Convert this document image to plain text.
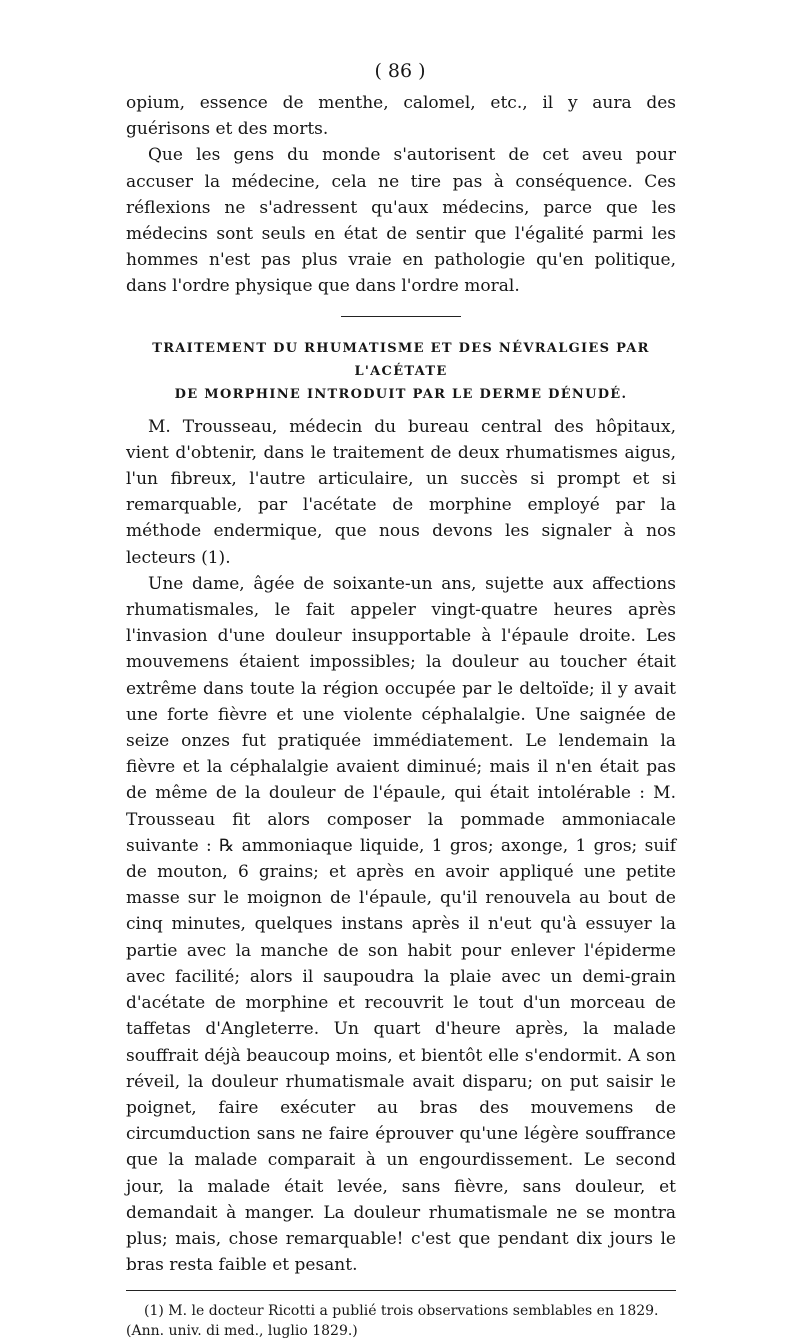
( 86 )

opium, essence de menthe, calomel, etc., il y aura des guérisons et des morts.

Que les gens du monde s'autorisent de cet aveu pour accuser la médecine, cela ne tire pas à conséquence. Ces réflexions ne s'adressent qu'aux médecins, parce que les médecins sont seuls en état de sentir que l'égalité parmi les hommes n'est pas plus vraie en pathologie qu'en politique, dans l'ordre physique que dans l'ordre moral.

TRAITEMENT DU RHUMATISME ET DES NÉVRALGIES PAR L'ACÉTATE
DE MORPHINE INTRODUIT PAR LE DERME DÉNUDÉ.

M. Trousseau, médecin du bureau central des hôpitaux, vient d'obtenir, dans le traitement de deux rhumatismes aigus, l'un fibreux, l'autre articulaire, un succès si prompt et si remarquable, par l'acétate de morphine employé par la méthode endermique, que nous devons les signaler à nos lecteurs (1).

Une dame, âgée de soixante-un ans, sujette aux affections rhumatismales, le fait appeler vingt-quatre heures après l'invasion d'une douleur insupportable à l'épaule droite. Les mouvemens étaient impossibles; la douleur au toucher était extrême dans toute la région occupée par le deltoïde; il y avait une forte fièvre et une violente céphalalgie. Une saignée de seize onzes fut pratiquée immédiatement. Le lendemain la fièvre et la céphalalgie avaient diminué; mais il n'en était pas de même de la douleur de l'épaule, qui était intolérable : M. Trousseau fit alors composer la pommade ammoniacale suivante : ℞ ammoniaque liquide, 1 gros; axonge, 1 gros; suif de mouton, 6 grains; et après en avoir appliqué une petite masse sur le moignon de l'épaule, qu'il renouvela au bout de cinq minutes, quelques instans après il n'eut qu'à essuyer la partie avec la manche de son habit pour enlever l'épiderme avec facilité; alors il saupoudra la plaie avec un demi-grain d'acétate de morphine et recouvrit le tout d'un morceau de taffetas d'Angleterre. Un quart d'heure après, la malade souffrait déjà beaucoup moins, et bientôt elle s'endormit. A son réveil, la douleur rhumatismale avait disparu; on put saisir le poignet, faire exécuter au bras des mouvemens de circumduction sans ne faire éprouver qu'une légère souffrance que la malade comparait à un engourdissement. Le second jour, la malade était levée, sans fièvre, sans douleur, et demandait à manger. La douleur rhumatismale ne se montra plus; mais, chose remarquable! c'est que pendant dix jours le bras resta faible et pesant.

(1) M. le docteur Ricotti a publié trois observations semblables en 1829.
(Ann. univ. di med., luglio 1829.)
